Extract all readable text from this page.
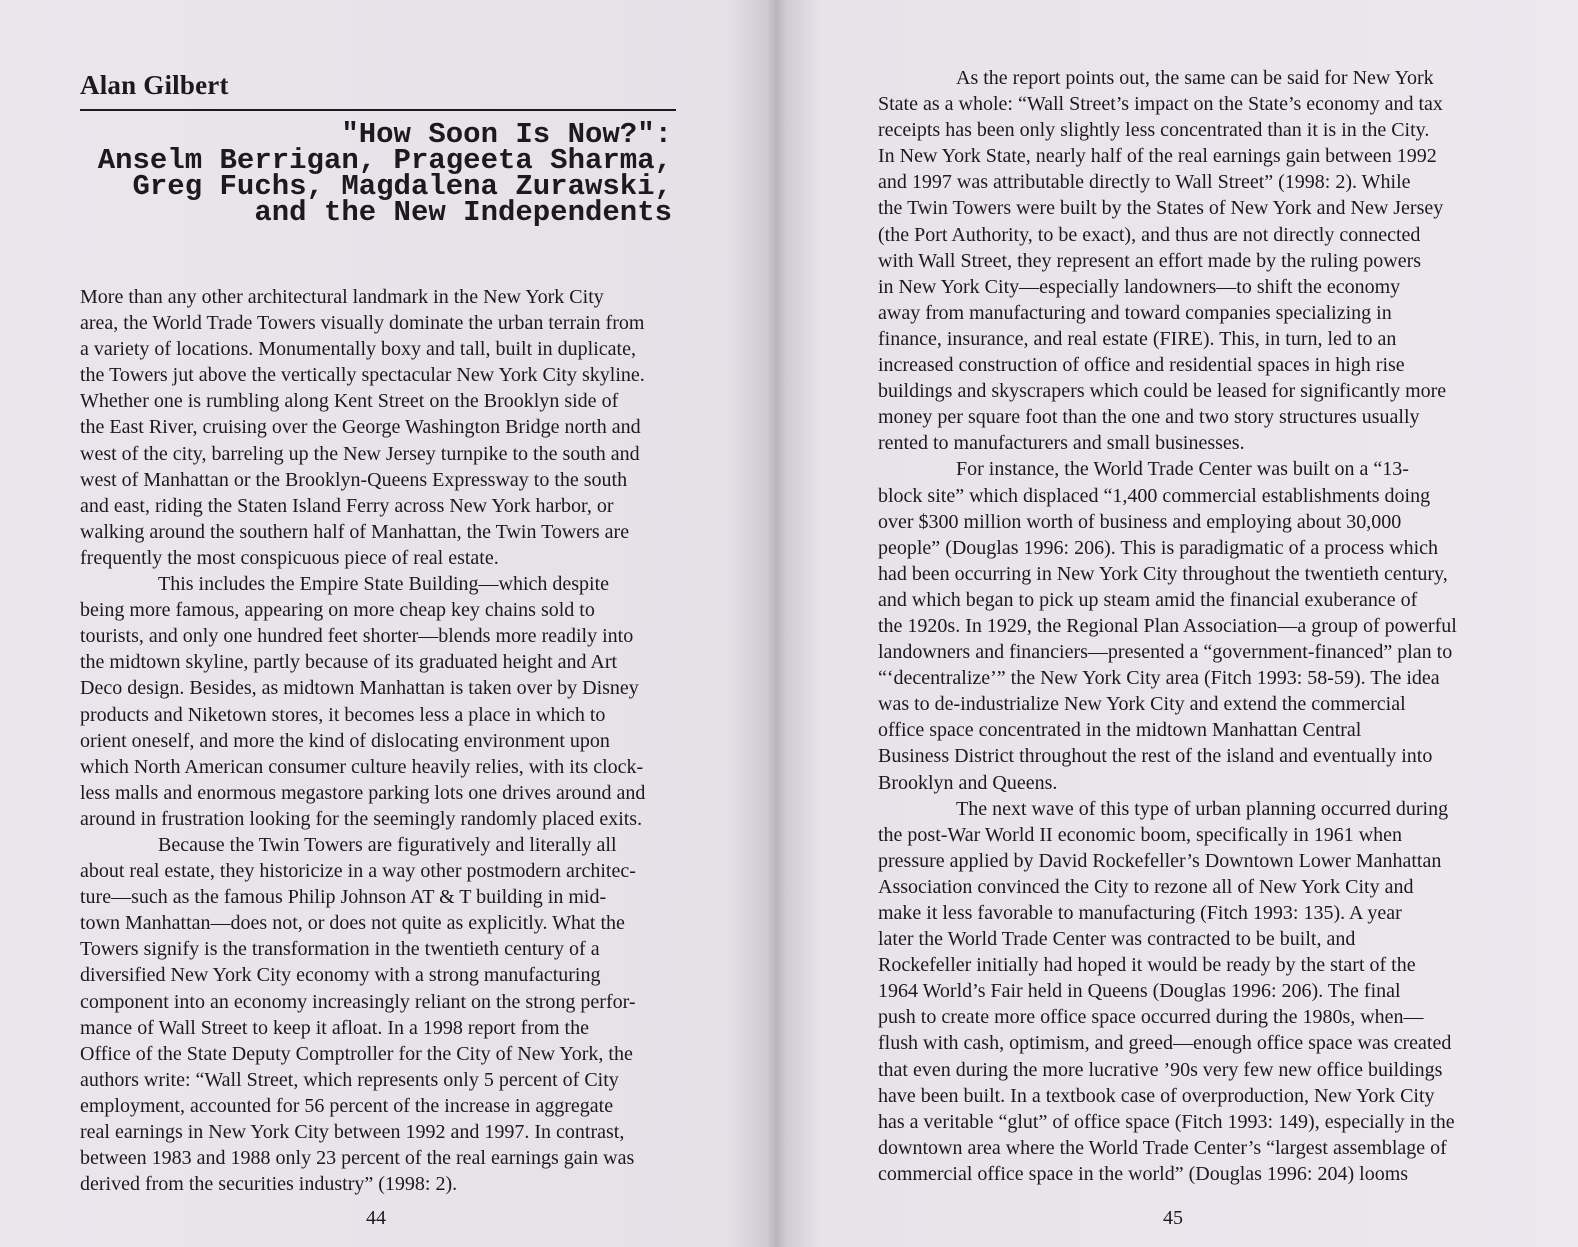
Alan Gilbert
"How Soon Is Now?":
Anselm Berrigan, Prageeta Sharma,
Greg Fuchs, Magdalena Zurawski,
and the New Independents
More than any other architectural landmark in the New York City
area, the World Trade Towers visually dominate the urban terrain from
a variety of locations. Monumentally boxy and tall, built in duplicate,
the Towers jut above the vertically spectacular New York City skyline.
Whether one is rumbling along Kent Street on the Brooklyn side of
the East River, cruising over the George Washington Bridge north and
west of the city, barreling up the New Jersey turnpike to the south and
west of Manhattan or the Brooklyn-Queens Expressway to the south
and east, riding the Staten Island Ferry across New York harbor, or
walking around the southern half of Manhattan, the Twin Towers are
frequently the most conspicuous piece of real estate.
This includes the Empire State Building—which despite
being more famous, appearing on more cheap key chains sold to
tourists, and only one hundred feet shorter—blends more readily into
the midtown skyline, partly because of its graduated height and Art
Deco design. Besides, as midtown Manhattan is taken over by Disney
products and Niketown stores, it becomes less a place in which to
orient oneself, and more the kind of dislocating environment upon
which North American consumer culture heavily relies, with its clock-
less malls and enormous megastore parking lots one drives around and
around in frustration looking for the seemingly randomly placed exits.
Because the Twin Towers are figuratively and literally all
about real estate, they historicize in a way other postmodern architec-
ture—such as the famous Philip Johnson AT & T building in mid-
town Manhattan—does not, or does not quite as explicitly. What the
Towers signify is the transformation in the twentieth century of a
diversified New York City economy with a strong manufacturing
component into an economy increasingly reliant on the strong perfor-
mance of Wall Street to keep it afloat. In a 1998 report from the
Office of the State Deputy Comptroller for the City of New York, the
authors write: “Wall Street, which represents only 5 percent of City
employment, accounted for 56 percent of the increase in aggregate
real earnings in New York City between 1992 and 1997. In contrast,
between 1983 and 1988 only 23 percent of the real earnings gain was
derived from the securities industry” (1998: 2).
44
As the report points out, the same can be said for New York
State as a whole: “Wall Street’s impact on the State’s economy and tax
receipts has been only slightly less concentrated than it is in the City.
In New York State, nearly half of the real earnings gain between 1992
and 1997 was attributable directly to Wall Street” (1998: 2). While
the Twin Towers were built by the States of New York and New Jersey
(the Port Authority, to be exact), and thus are not directly connected
with Wall Street, they represent an effort made by the ruling powers
in New York City—especially landowners—to shift the economy
away from manufacturing and toward companies specializing in
finance, insurance, and real estate (FIRE). This, in turn, led to an
increased construction of office and residential spaces in high rise
buildings and skyscrapers which could be leased for significantly more
money per square foot than the one and two story structures usually
rented to manufacturers and small businesses.
For instance, the World Trade Center was built on a “13-
block site” which displaced “1,400 commercial establishments doing
over $300 million worth of business and employing about 30,000
people” (Douglas 1996: 206). This is paradigmatic of a process which
had been occurring in New York City throughout the twentieth century,
and which began to pick up steam amid the financial exuberance of
the 1920s. In 1929, the Regional Plan Association—a group of powerful
landowners and financiers—presented a “government-financed” plan to
“‘decentralize’” the New York City area (Fitch 1993: 58-59). The idea
was to de-industrialize New York City and extend the commercial
office space concentrated in the midtown Manhattan Central
Business District throughout the rest of the island and eventually into
Brooklyn and Queens.
The next wave of this type of urban planning occurred during
the post-War World II economic boom, specifically in 1961 when
pressure applied by David Rockefeller’s Downtown Lower Manhattan
Association convinced the City to rezone all of New York City and
make it less favorable to manufacturing (Fitch 1993: 135). A year
later the World Trade Center was contracted to be built, and
Rockefeller initially had hoped it would be ready by the start of the
1964 World’s Fair held in Queens (Douglas 1996: 206). The final
push to create more office space occurred during the 1980s, when—
flush with cash, optimism, and greed—enough office space was created
that even during the more lucrative ’90s very few new office buildings
have been built. In a textbook case of overproduction, New York City
has a veritable “glut” of office space (Fitch 1993: 149), especially in the
downtown area where the World Trade Center’s “largest assemblage of
commercial office space in the world” (Douglas 1996: 204) looms
45
